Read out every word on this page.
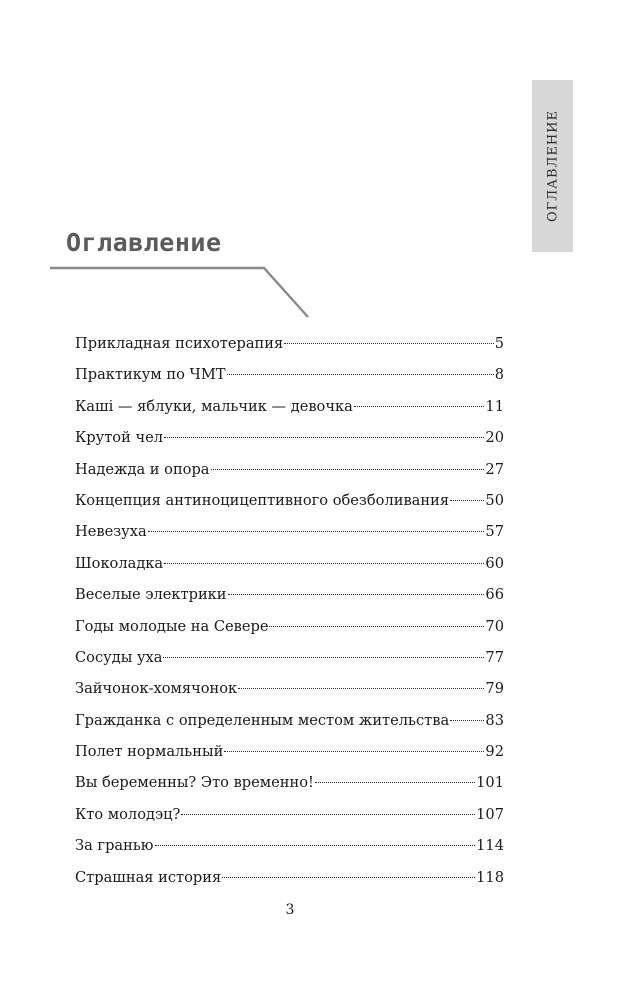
ОГЛАВЛЕНИЕ
Оглавление
Прикладная психотерапия	5
Практикум по ЧМТ	8
Каші — яблуки, мальчик — девочка	11
Крутой чел	20
Надежда и опора	27
Концепция антиноцицептивного обезболивания 50
Невезуха	57
Шоколадка	60
Веселые электрики	66
Годы молодые на Севере	70
Сосуды уха	77
Зайчонок-хомячонок	79
Гражданка с определенным местом жительства 83
Полет нормальный	92
Вы беременны? Это временно!	101
Кто молодэц?	107
За гранью	114
Страшная история	118
3
